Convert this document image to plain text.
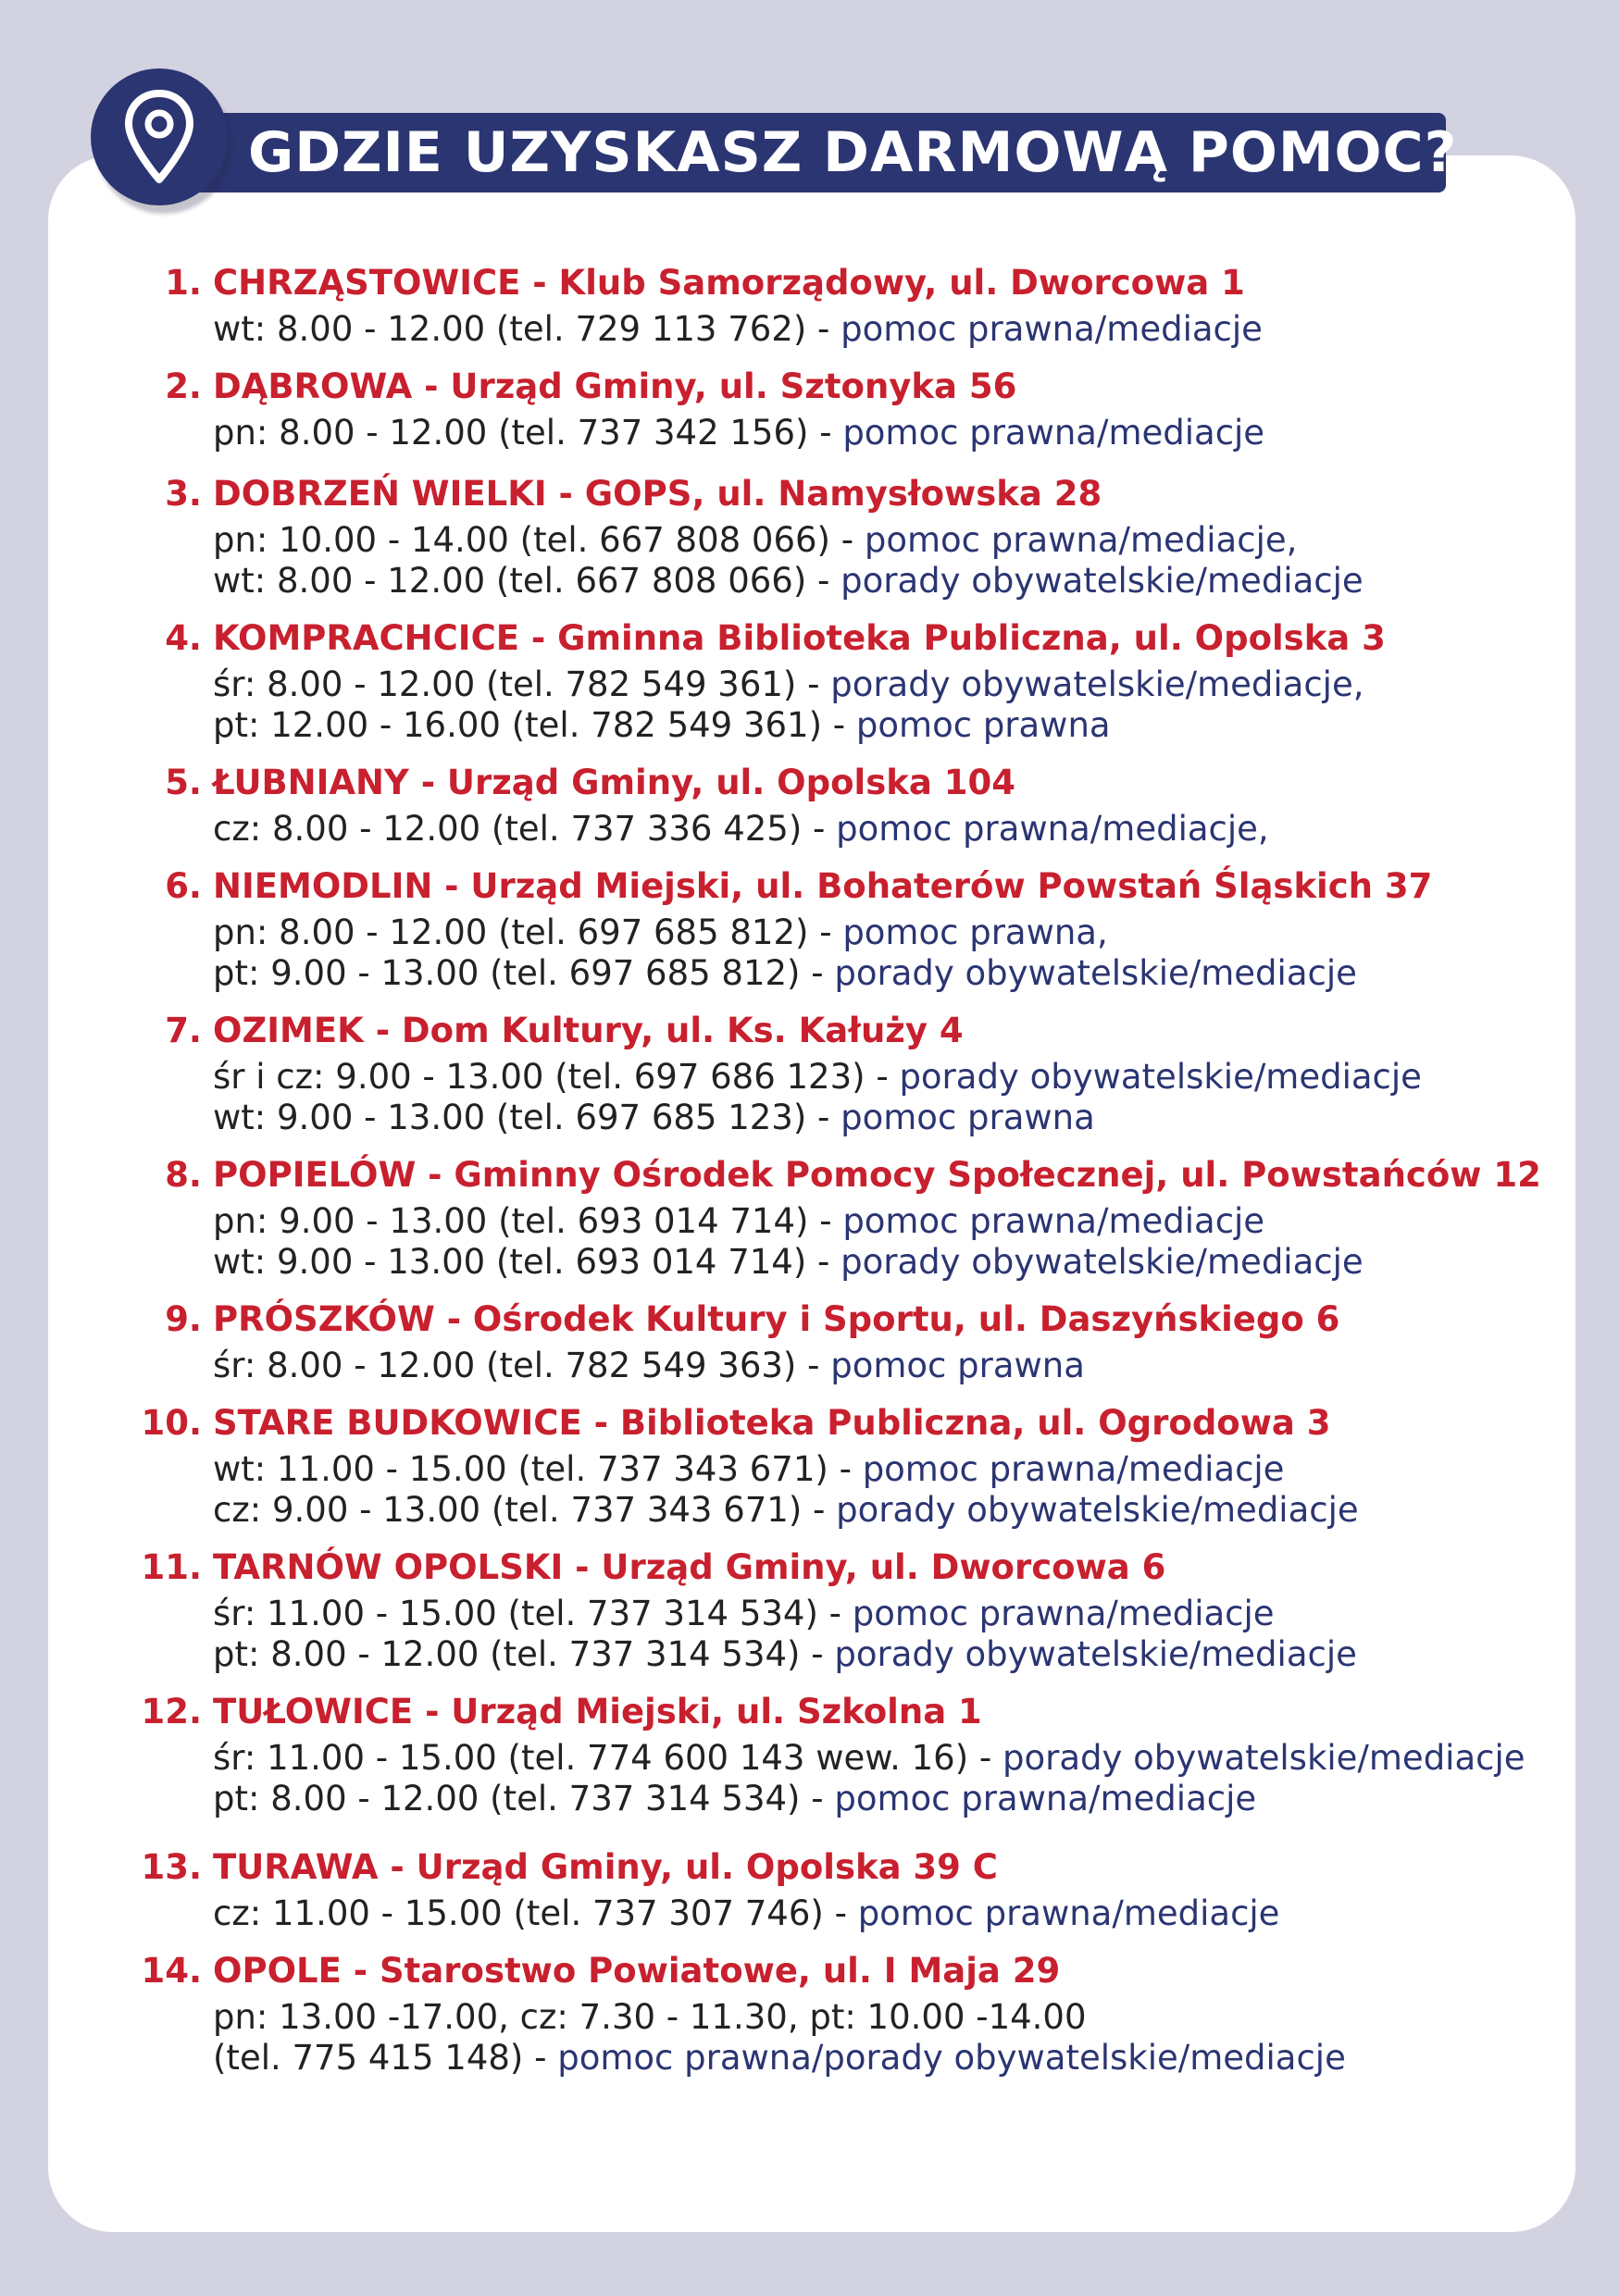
GDZIE UZYSKASZ DARMOWĄ POMOC?
1. CHRZĄSTOWICE - Klub Samorządowy, ul. Dworcowa 1
wt: 8.00 - 12.00 (tel. 729 113 762) - pomoc prawna/mediacje
2. DĄBROWA - Urząd Gminy, ul. Sztonyka 56
pn: 8.00 - 12.00 (tel. 737 342 156) - pomoc prawna/mediacje
3. DOBRZEŃ WIELKI - GOPS, ul. Namysłowska 28
pn: 10.00 - 14.00 (tel. 667 808 066) - pomoc prawna/mediacje,
wt: 8.00 - 12.00 (tel. 667 808 066) - porady obywatelskie/mediacje
4. KOMPRACHCICE - Gminna Biblioteka Publiczna, ul. Opolska 3
śr: 8.00 - 12.00 (tel. 782 549 361) - porady obywatelskie/mediacje,
pt: 12.00 - 16.00 (tel. 782 549 361) - pomoc prawna
5. ŁUBNIANY - Urząd Gminy, ul. Opolska 104
cz: 8.00 - 12.00 (tel. 737 336 425) - pomoc prawna/mediacje,
6. NIEMODLIN - Urząd Miejski, ul. Bohaterów Powstań Śląskich 37
pn: 8.00 - 12.00 (tel. 697 685 812) - pomoc prawna,
pt: 9.00 - 13.00 (tel. 697 685 812) - porady obywatelskie/mediacje
7. OZIMEK - Dom Kultury, ul. Ks. Kałuży 4
śr i cz: 9.00 - 13.00 (tel. 697 686 123) - porady obywatelskie/mediacje
wt: 9.00 - 13.00 (tel. 697 685 123) - pomoc prawna
8. POPIELÓW - Gminny Ośrodek Pomocy Społecznej, ul. Powstańców 12
pn: 9.00 - 13.00 (tel. 693 014 714) - pomoc prawna/mediacje
wt: 9.00 - 13.00 (tel. 693 014 714) - porady obywatelskie/mediacje
9. PRÓSZKÓW - Ośrodek Kultury i Sportu, ul. Daszyńskiego 6
śr: 8.00 - 12.00 (tel. 782 549 363) - pomoc prawna
10. STARE BUDKOWICE - Biblioteka Publiczna, ul. Ogrodowa 3
wt: 11.00 - 15.00 (tel. 737 343 671) - pomoc prawna/mediacje
cz: 9.00 - 13.00 (tel. 737 343 671) - porady obywatelskie/mediacje
11. TARNÓW OPOLSKI - Urząd Gminy, ul. Dworcowa 6
śr: 11.00 - 15.00 (tel. 737 314 534) - pomoc prawna/mediacje
pt: 8.00 - 12.00 (tel. 737 314 534) - porady obywatelskie/mediacje
12. TUŁOWICE - Urząd Miejski, ul. Szkolna 1
śr: 11.00 - 15.00 (tel. 774 600 143 wew. 16) - porady obywatelskie/mediacje
pt: 8.00 - 12.00 (tel. 737 314 534) - pomoc prawna/mediacje
13. TURAWA - Urząd Gminy, ul. Opolska 39 C
cz: 11.00 - 15.00 (tel. 737 307 746) - pomoc prawna/mediacje
14. OPOLE - Starostwo Powiatowe, ul. I Maja 29
pn: 13.00 -17.00, cz: 7.30 - 11.30, pt: 10.00 -14.00
(tel. 775 415 148) - pomoc prawna/porady obywatelskie/mediacje
